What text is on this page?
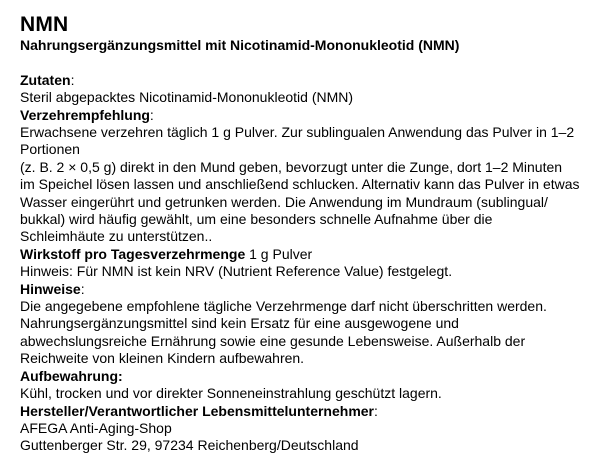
NMN
Nahrungsergänzungsmittel mit Nicotinamid-Mononukleotid (NMN)
Zutaten:
Steril abgepacktes Nicotinamid-Mononukleotid (NMN)
Verzehrempfehlung:
Erwachsene verzehren täglich 1 g Pulver. Zur sublingualen Anwendung das Pulver in 1–2
Portionen
(z. B. 2 × 0,5 g) direkt in den Mund geben, bevorzugt unter die Zunge, dort 1–2 Minuten
im Speichel lösen lassen und anschließend schlucken. Alternativ kann das Pulver in etwas
Wasser eingerührt und getrunken werden. Die Anwendung im Mundraum (sublingual/
bukkal) wird häufig gewählt, um eine besonders schnelle Aufnahme über die
Schleimhäute zu unterstützen..
Wirkstoff pro Tagesverzehrmenge 1 g Pulver
Hinweis: Für NMN ist kein NRV (Nutrient Reference Value) festgelegt.
Hinweise:
Die angegebene empfohlene tägliche Verzehrmenge darf nicht überschritten werden.
Nahrungsergänzungsmittel sind kein Ersatz für eine ausgewogene und
abwechslungsreiche Ernährung sowie eine gesunde Lebensweise. Außerhalb der
Reichweite von kleinen Kindern aufbewahren.
Aufbewahrung:
Kühl, trocken und vor direkter Sonneneinstrahlung geschützt lagern.
Hersteller/Verantwortlicher Lebensmittelunternehmer:
AFEGA Anti-Aging-Shop
Guttenberger Str. 29, 97234 Reichenberg/Deutschland
